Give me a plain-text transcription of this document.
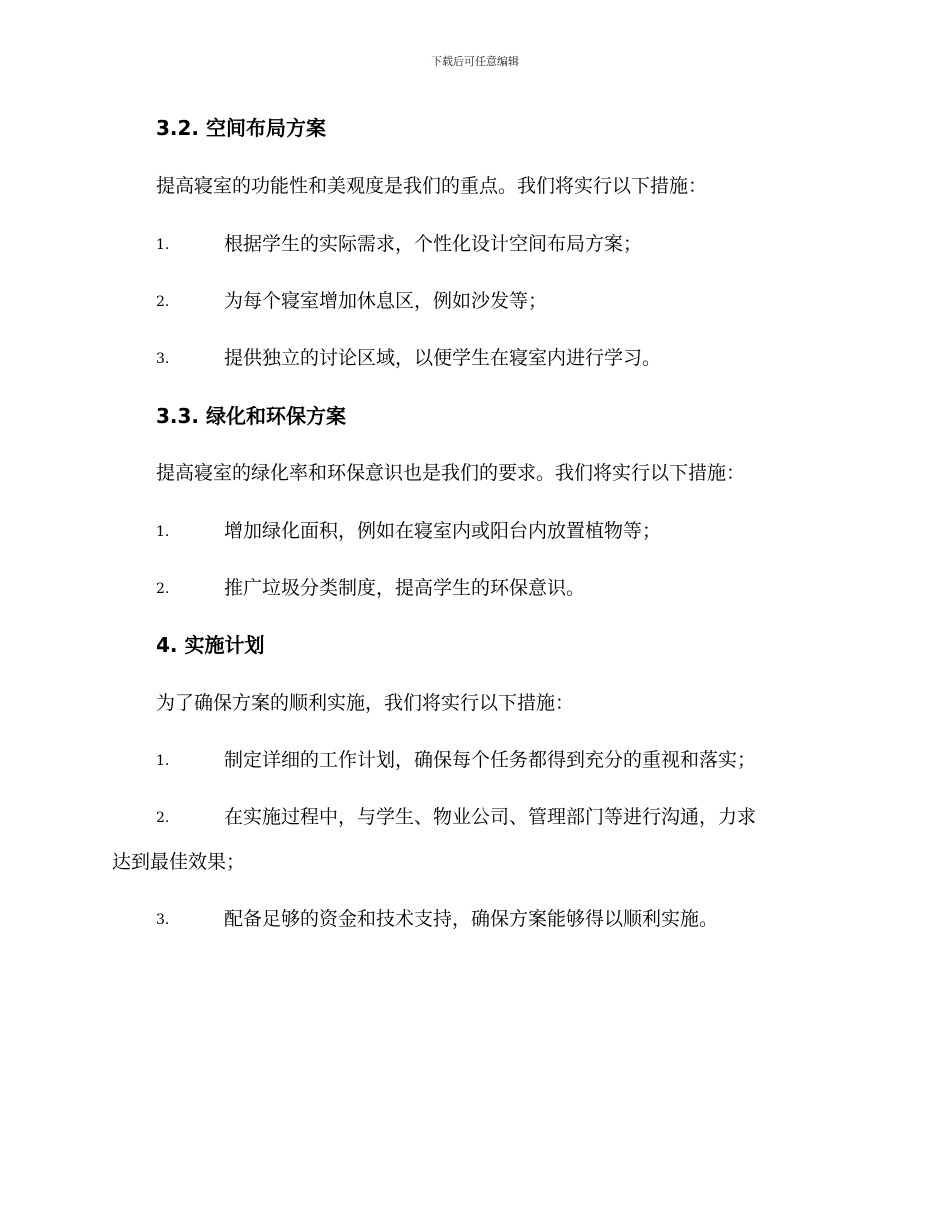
下载后可任意编辑
3.2. 空间布局方案
提高寝室的功能性和美观度是我们的重点。我们将实行以下措施：
1.	根据学生的实际需求，个性化设计空间布局方案；
2.	为每个寝室增加休息区，例如沙发等；
3.	提供独立的讨论区域，以便学生在寝室内进行学习。
3.3. 绿化和环保方案
提高寝室的绿化率和环保意识也是我们的要求。我们将实行以下措施：
1.	增加绿化面积，例如在寝室内或阳台内放置植物等；
2.	推广垃圾分类制度，提高学生的环保意识。
4. 实施计划
为了确保方案的顺利实施，我们将实行以下措施：
1.	制定详细的工作计划，确保每个任务都得到充分的重视和落实；
2.	在实施过程中，与学生、物业公司、管理部门等进行沟通，力求
达到最佳效果；
3.	配备足够的资金和技术支持，确保方案能够得以顺利实施。
